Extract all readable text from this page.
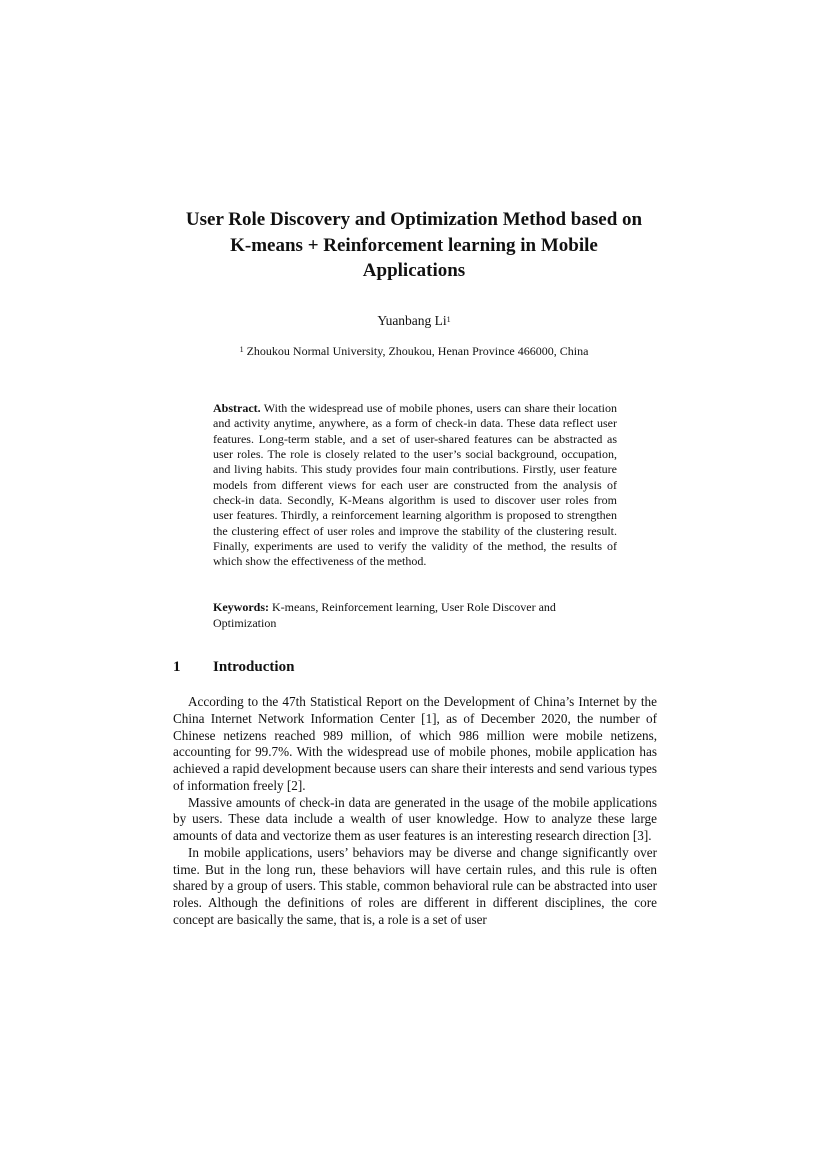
User Role Discovery and Optimization Method based on
K-means + Reinforcement learning in Mobile
Applications
Yuanbang Li$^1$
$^1$ Zhoukou Normal University, Zhoukou, Henan Province 466000, China
Abstract. With the widespread use of mobile phones, users can share their location and activity anytime, anywhere, as a form of check-in data. These data reflect user features. Long-term stable, and a set of user-shared features can be abstracted as user roles. The role is closely related to the user’s social background, occupation, and living habits. This study provides four main contributions. Firstly, user feature models from different views for each user are constructed from the analysis of check-in data. Secondly, K-Means algorithm is used to discover user roles from user features. Thirdly, a reinforcement learning algorithm is proposed to strengthen the clustering effect of user roles and improve the stability of the clustering result. Finally, experiments are used to verify the validity of the method, the results of which show the effectiveness of the method.
Keywords: K-means, Reinforcement learning, User Role Discover and Optimization
1 Introduction

According to the 47th Statistical Report on the Development of China’s Internet by the China Internet Network Information Center [1], as of December 2020, the number of Chinese netizens reached 989 million, of which 986 million were mobile netizens, accounting for 99.7%. With the widespread use of mobile phones, mobile application has achieved a rapid development because users can share their interests and send various types of information freely [2].

Massive amounts of check-in data are generated in the usage of the mobile applications by users. These data include a wealth of user knowledge. How to analyze these large amounts of data and vectorize them as user features is an interesting research direction [3].

In mobile applications, users’ behaviors may be diverse and change significantly over time. But in the long run, these behaviors will have certain rules, and this rule is often shared by a group of users. This stable, common behavioral rule can be abstracted into user roles. Although the definitions of roles are different in different disciplines, the core concept are basically the same, that is, a role is a set of user
